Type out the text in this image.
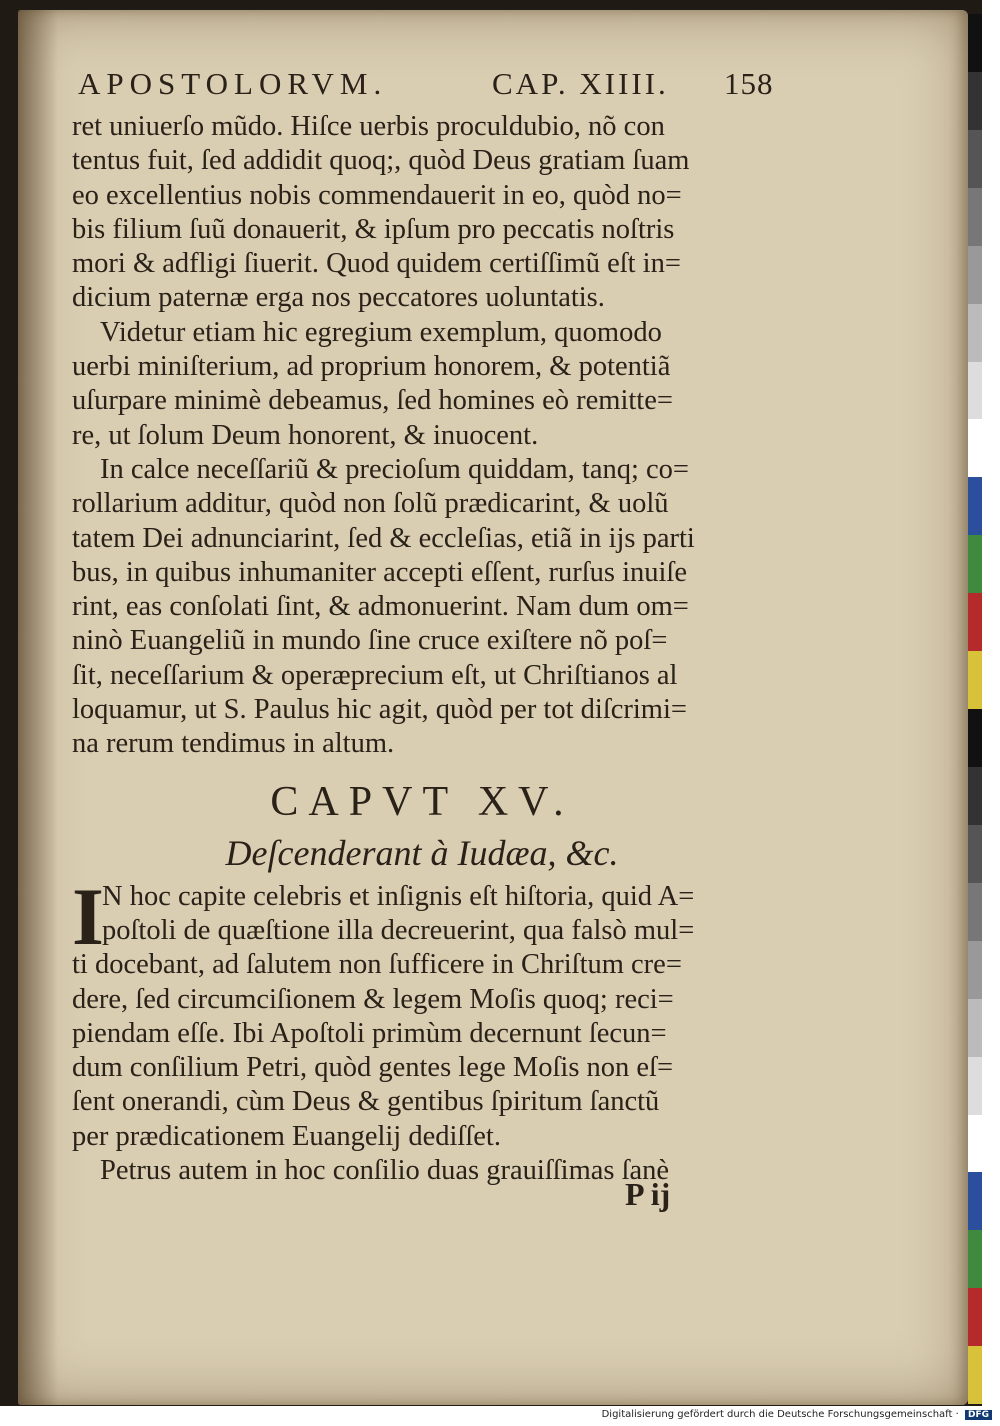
APOSTOLORVM.	CAP. XIIII. 158
ret uniuerſo mũdo. Hiſce uerbis proculdubio, nõ con
tentus fuit, ſed addidit quoq;, quòd Deus gratiam ſuam
eo excellentius nobis commendauerit in eo, quòd no=
bis filium ſuũ donauerit, & ipſum pro peccatis noſtris
mori & adfligi ſiuerit. Quod quidem certiſſimũ eſt in=
dicium paternæ erga nos peccatores uoluntatis.
Videtur etiam hic egregium exemplum, quomodo
uerbi miniſterium, ad proprium honorem, & potentiã
uſurpare minimè debeamus, ſed homines eò remitte=
re, ut ſolum Deum honorent, & inuocent.
In calce neceſſariũ & precioſum quiddam, tanq; co=
rollarium additur, quòd non ſolũ prædicarint, & uolũ
tatem Dei adnunciarint, ſed & eccleſias, etiã in ijs parti
bus, in quibus inhumaniter accepti eſſent, rurſus inuiſe
rint, eas conſolati ſint, & admonuerint. Nam dum om=
ninò Euangeliũ in mundo ſine cruce exiſtere nõ poſ=
ſit, neceſſarium & operæprecium eſt, ut Chriſtianos al
loquamur, ut S. Paulus hic agit, quòd per tot diſcrimi=
na rerum tendimus in altum.
CAPVT XV.
Deſcenderant à Iudæa, &c.
I
N hoc capite celebris et inſignis eſt hiſtoria, quid A=
poſtoli de quæſtione illa decreuerint, qua falsò mul=
ti docebant, ad ſalutem non ſufficere in Chriſtum cre=
dere, ſed circumciſionem & legem Moſis quoq; reci=
piendam eſſe. Ibi Apoſtoli primùm decernunt ſecun=
dum conſilium Petri, quòd gentes lege Moſis non eſ=
ſent onerandi, cùm Deus & gentibus ſpiritum ſanctũ
per prædicationem Euangelij dediſſet.
Petrus autem in hoc conſilio duas grauiſſimas ſanè
P ij
Digitalisierung gefördert durch die Deutsche Forschungsgemeinschaft · DFG
